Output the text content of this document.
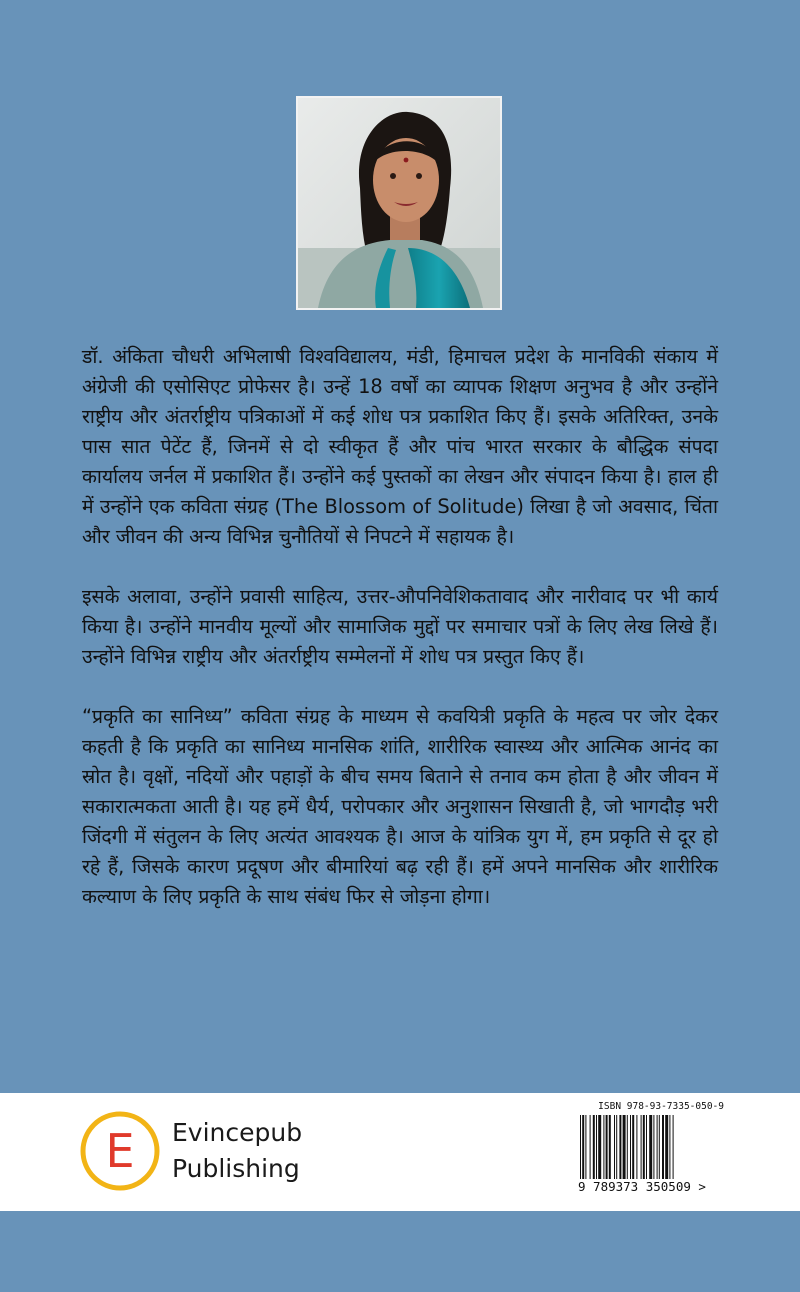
डॉ. अंकिता चौधरी अभिलाषी विश्वविद्यालय, मंडी, हिमाचल प्रदेश के मानविकी संकाय में अंग्रेजी की एसोसिएट प्रोफेसर है। उन्हें 18 वर्षों का व्यापक शिक्षण अनुभव है और उन्होंने राष्ट्रीय और अंतर्राष्ट्रीय पत्रिकाओं में कई शोध पत्र प्रकाशित किए हैं। इसके अतिरिक्त, उनके पास सात पेटेंट हैं, जिनमें से दो स्वीकृत हैं और पांच भारत सरकार के बौद्धिक संपदा कार्यालय जर्नल में प्रकाशित हैं। उन्होंने कई पुस्तकों का लेखन और संपादन किया है। हाल ही में उन्होंने एक कविता संग्रह (The Blossom of Solitude) लिखा है जो अवसाद, चिंता और जीवन की अन्य विभिन्न चुनौतियों से निपटने में सहायक है।

इसके अलावा, उन्होंने प्रवासी साहित्य, उत्तर-औपनिवेशिकतावाद और नारीवाद पर भी कार्य किया है। उन्होंने मानवीय मूल्यों और सामाजिक मुद्दों पर समाचार पत्रों के लिए लेख लिखे हैं। उन्होंने विभिन्न राष्ट्रीय और अंतर्राष्ट्रीय सम्मेलनों में शोध पत्र प्रस्तुत किए हैं।

“प्रकृति का सानिध्य” कविता संग्रह के माध्यम से कवयित्री प्रकृति के महत्व पर जोर देकर कहती है कि प्रकृति का सानिध्य मानसिक शांति, शारीरिक स्वास्थ्य और आत्मिक आनंद का स्रोत है। वृक्षों, नदियों और पहाड़ों के बीच समय बिताने से तनाव कम होता है और जीवन में सकारात्मकता आती है। यह हमें धैर्य, परोपकार और अनुशासन सिखाती है, जो भागदौड़ भरी जिंदगी में संतुलन के लिए अत्यंत आवश्यक है। आज के यांत्रिक युग में, हम प्रकृति से दूर हो रहे हैं, जिसके कारण प्रदूषण और बीमारियां बढ़ रही हैं। हमें अपने मानसिक और शारीरिक कल्याण के लिए प्रकृति के साथ संबंध फिर से जोड़ना होगा।

E Evincepub
Publishing
ISBN 978-93-7335-050-9
9 789373 350509 >
